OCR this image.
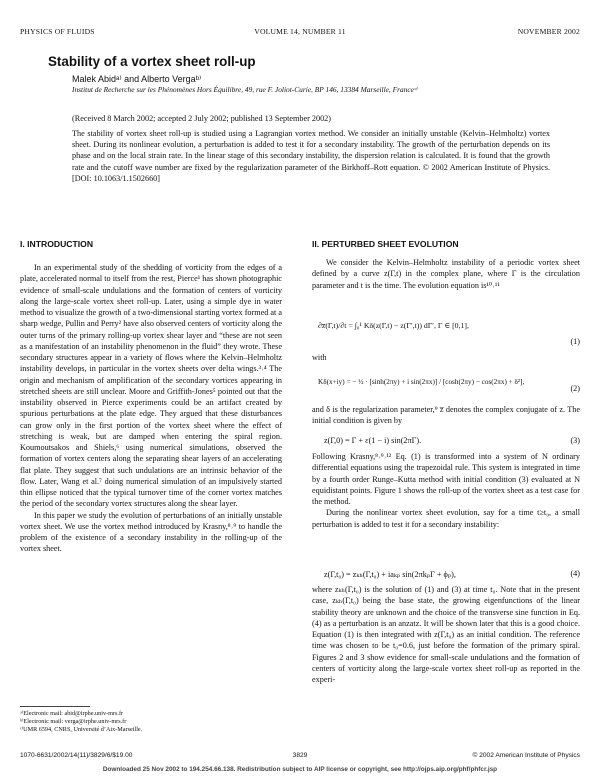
PHYSICS OF FLUIDS	VOLUME 14, NUMBER 11	NOVEMBER 2002
Stability of a vortex sheet roll-up
Malek Abidᵃ⁾ and Alberto Vergaᵇ⁾
Institut de Recherche sur les Phénomènes Hors Équilibre, 49, rue F. Joliot-Curie, BP 146, 13384 Marseille, Franceᶜ⁾
(Received 8 March 2002; accepted 2 July 2002; published 13 September 2002)
The stability of vortex sheet roll-up is studied using a Lagrangian vortex method. We consider an initially unstable (Kelvin–Helmholtz) vortex sheet. During its nonlinear evolution, a perturbation is added to test it for a secondary instability. The growth of the perturbation depends on its phase and on the local strain rate. In the linear stage of this secondary instability, the dispersion relation is calculated. It is found that the growth rate and the cutoff wave number are fixed by the regularization parameter of the Birkhoff–Rott equation. © 2002 American Institute of Physics. [DOI: 10.1063/1.1502660]
I. INTRODUCTION

In an experimental study of the shedding of vorticity from the edges of a plate, accelerated normal to itself from the rest, Pierce¹ has shown photographic evidence of small-scale undulations and the formation of centers of vorticity along the large-scale vortex sheet roll-up. Later, using a simple dye in water method to visualize the growth of a two-dimensional starting vortex formed at a sharp wedge, Pullin and Perry² have also observed centers of vorticity along the outer turns of the primary rolling-up vortex shear layer and “these are not seen as a manifestation of an instability phenomenon in the fluid” they wrote. These secondary structures appear in a variety of flows where the Kelvin–Helmholtz instability develops, in particular in the vortex sheets over delta wings.³˒⁴ The origin and mechanism of amplification of the secondary vortices appearing in stretched sheets are still unclear. Moore and Griffith-Jones⁵ pointed out that the instability observed in Pierce experiments could be an artifact created by spurious perturbations at the plate edge. They argued that these disturbances can grow only in the first portion of the vortex sheet where the effect of stretching is weak, but are damped when entering the spiral region. Koumoutsakos and Shiels,⁶ using numerical simulations, observed the formation of vortex centers along the separating shear layers of an accelerating flat plate. They suggest that such undulations are an intrinsic behavior of the flow. Later, Wang et al.⁷ doing numerical simulation of an impulsively started thin ellipse noticed that the typical turnover time of the corner vortex matches the period of the secondary vortex structures along the shear layer.

In this paper we study the evolution of perturbations of an initially unstable vortex sheet. We use the vortex method introduced by Krasny,⁸˒⁹ to handle the problem of the existence of a secondary instability in the rolling-up of the vortex sheet.

ᵃ⁾Electronic mail: abid@irphe.univ-mrs.fr
ᵇ⁾Electronic mail: verga@irphe.univ-mrs.fr
ᶜ⁾UMR 6594, CNRS, Université d’Aix-Marseille.
II. PERTURBED SHEET EVOLUTION

We consider the Kelvin–Helmholtz instability of a periodic vortex sheet defined by a curve z(Γ,t) in the complex plane, where Γ is the circulation parameter and t is the time. The evolution equation is¹⁰˒¹¹

∂z̅(Γ,t)/∂t = ∫₀¹ Kδ(z(Γ,t) − z(Γ′,t)) dΓ′, Γ ∈ [0,1],
(1)

with

Kδ(x+iy) = − ½ · [sinh(2πy) + i sin(2πx)] / [cosh(2πy) − cos(2πx) + δ²],
(2)

and δ is the regularization parameter,⁹ z̅ denotes the complex conjugate of z. The initial condition is given by

z(Γ,0) = Γ + ε(1 − i) sin(2πΓ).	(3)

Following Krasny,⁸˒⁹˒¹² Eq. (1) is transformed into a system of N ordinary differential equations using the trapezoidal rule. This system is integrated in time by a fourth order Runge–Kutta method with initial condition (3) evaluated at N equidistant points. Figure 1 shows the roll-up of the vortex sheet as a test case for the method.

During the nonlinear vortex sheet evolution, say for a time t≥t₀, a small perturbation is added to test it for a secondary instability:

z(Γ,t₀) = zₖₕ(Γ,t₀) + iaₖₚ sin(2πkₚΓ + ϕₚ),	(4)

where zₖₕ(Γ,t₀) is the solution of (1) and (3) at time t₀. Note that in the present case, zₖₕ(Γ,t₀) being the base state, the growing eigenfunctions of the linear stability theory are unknown and the choice of the transverse sine function in Eq. (4) as a perturbation is an anzatz. It will be shown later that this is a good choice. Equation (1) is then integrated with z(Γ,t₀) as an initial condition. The reference time was chosen to be t₀=0.6, just before the formation of the primary spiral. Figures 2 and 3 show evidence for small-scale undulations and the formation of centers of vorticity along the large-scale vortex sheet roll-up as reported in the experi-

1070-6631/2002/14(11)/3829/6/$19.00	3829	© 2002 American Institute of Physics
Downloaded 25 Nov 2002 to 194.254.66.138. Redistribution subject to AIP license or copyright, see http://ojps.aip.org/phf/phfcr.jsp
